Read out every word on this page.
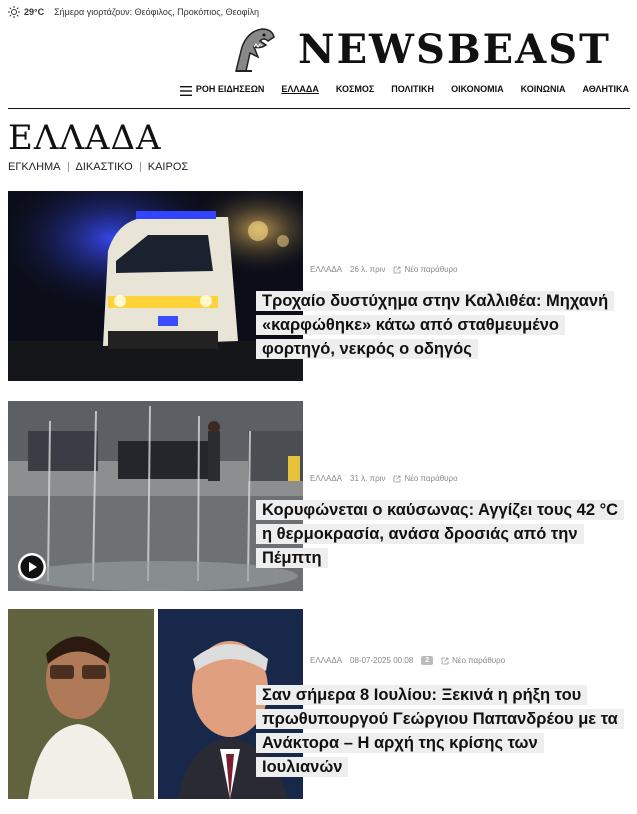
29°C Σήμερα γιορτάζουν: Θεόφιλος, Προκόπιος, Θεοφίλη
NEWSBEAST
ΡΟΗ ΕΙΔΗΣΕΩΝ ΕΛΛΑΔΑ ΚΟΣΜΟΣ ΠΟΛΙΤΙΚΗ ΟΙΚΟΝΟΜΙΑ ΚΟΙΝΩΝΙΑ ΑΘΛΗΤΙΚΑ
ΕΛΛΑΔΑ
ΕΓΚΛΗΜΑ ΔΙΚΑΣΤΙΚΟ ΚΑΙΡΟΣ
ΕΛΛΑΔΑ 26 λ. πριν Νέο παράθυρο

Τροχαίο δυστύχημα στην Καλλιθέα: Μηχανή «καρφώθηκε» κάτω από σταθμευμένο φορτηγό, νεκρός ο οδηγός

ΕΛΛΑΔΑ 31 λ. πριν Νέο παράθυρο

Κορυφώνεται ο καύσωνας: Αγγίζει τους 42 °C η θερμοκρασία, ανάσα δροσιάς από την Πέμπτη

ΕΛΛΑΔΑ 08-07-2025 00:08	2	Νέο παράθυρο

Σαν σήμερα 8 Ιουλίου: Ξεκινά η ρήξη του πρωθυπουργού Γεώργιου Παπανδρέου με τα Ανάκτορα – Η αρχή της κρίσης των Ιουλιανών
